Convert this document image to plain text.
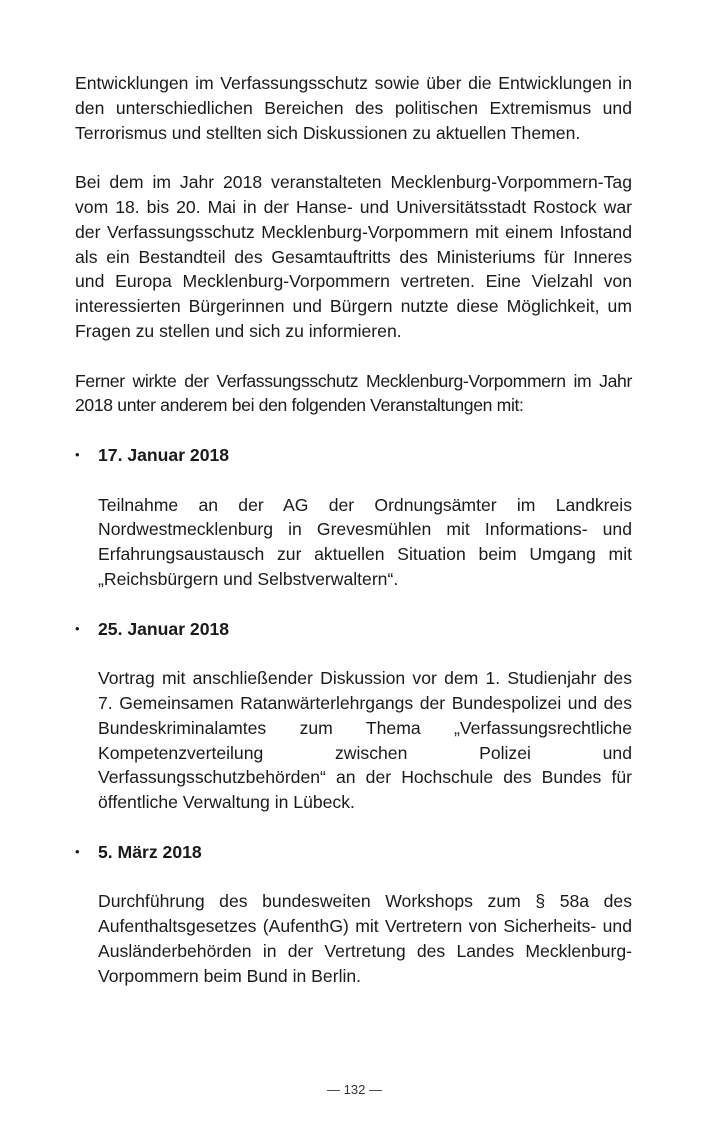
Entwicklungen im Verfassungsschutz sowie über die Entwicklungen in den unterschiedlichen Bereichen des politischen Extremismus und Terrorismus und stellten sich Diskussionen zu aktuellen Themen.

Bei dem im Jahr 2018 veranstalteten Mecklenburg-Vorpommern-Tag vom 18. bis 20. Mai in der Hanse- und Universitätsstadt Rostock war der Verfassungsschutz Mecklenburg-Vorpommern mit einem Infostand als ein Bestandteil des Gesamtauftritts des Ministeriums für Inneres und Europa Mecklenburg-Vorpommern vertreten. Eine Vielzahl von interessierten Bürgerinnen und Bürgern nutzte diese Möglichkeit, um Fragen zu stellen und sich zu informieren.

Ferner wirkte der Verfassungsschutz Mecklenburg-Vorpommern im Jahr 2018 unter anderem bei den folgenden Veranstaltungen mit:

• 17. Januar 2018

Teilnahme an der AG der Ordnungsämter im Landkreis Nordwestmecklenburg in Grevesmühlen mit Informations- und Erfahrungsaustausch zur aktuellen Situation beim Umgang mit „Reichsbürgern und Selbstverwaltern“.

• 25. Januar 2018

Vortrag mit anschließender Diskussion vor dem 1. Studienjahr des 7. Gemeinsamen Ratanwärterlehrgangs der Bundespolizei und des Bundeskriminalamtes zum Thema „Verfassungsrechtliche Kompetenzverteilung zwischen Polizei und Verfassungsschutzbehörden“ an der Hochschule des Bundes für öffentliche Verwaltung in Lübeck.

• 5. März 2018

Durchführung des bundesweiten Workshops zum § 58a des Aufenthaltsgesetzes (AufenthG) mit Vertretern von Sicherheits- und Ausländerbehörden in der Vertretung des Landes Mecklenburg-Vorpommern beim Bund in Berlin.

— 132 —
